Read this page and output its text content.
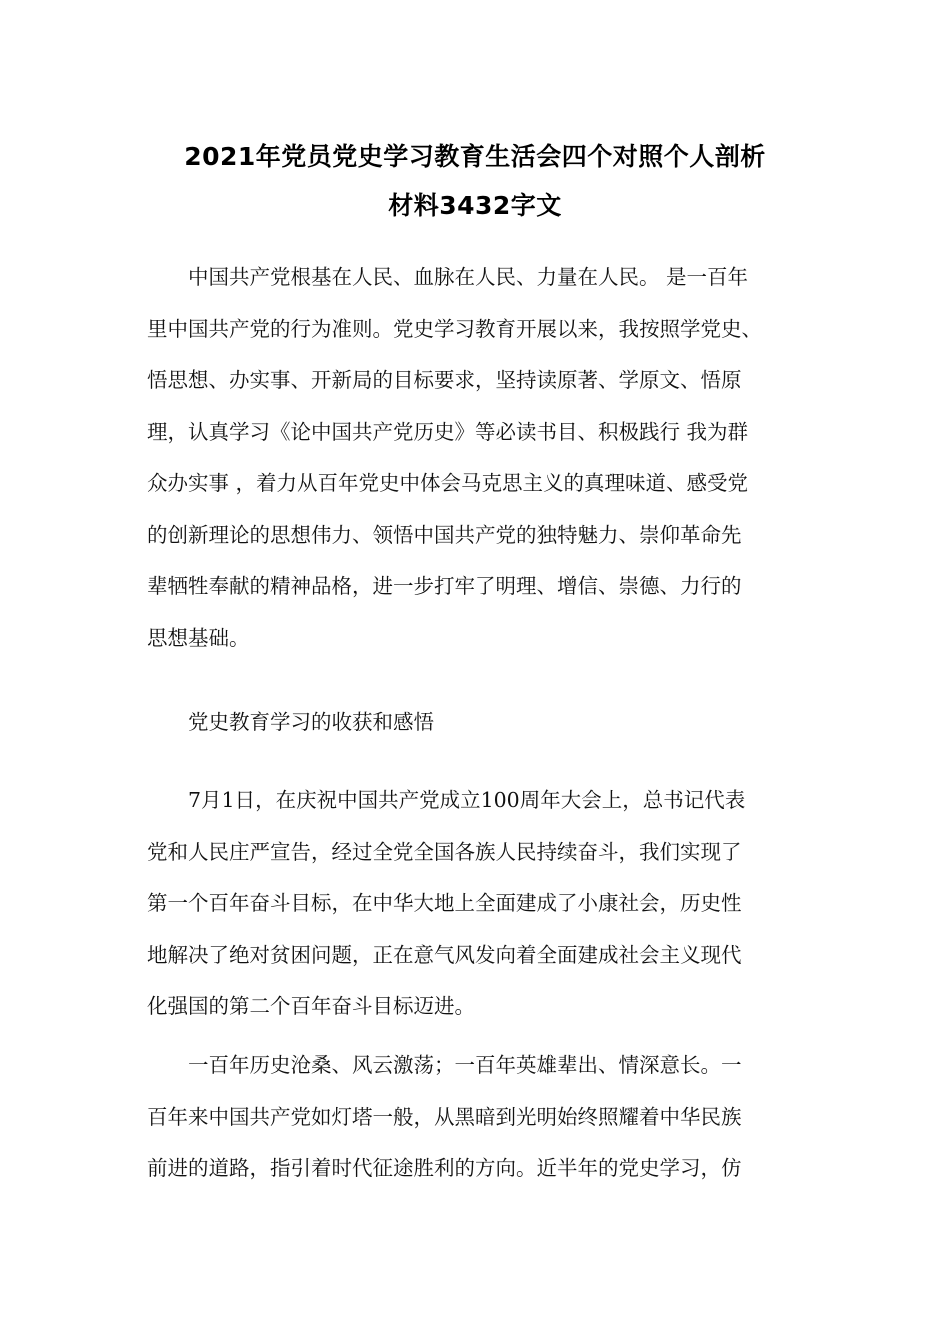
2021年党员党史学习教育生活会四个对照个人剖析
材料3432字文
　　中国共产党根基在人民、血脉在人民、力量在人民。 是一百年
里中国共产党的行为准则。党史学习教育开展以来，我按照学党史、
悟思想、办实事、开新局的目标要求，坚持读原著、学原文、悟原
理，认真学习《论中国共产党历史》等必读书目、积极践行 我为群
众办实事 ，着力从百年党史中体会马克思主义的真理味道、感受党
的创新理论的思想伟力、领悟中国共产党的独特魅力、崇仰革命先
辈牺牲奉献的精神品格，进一步打牢了明理、增信、崇德、力行的
思想基础。
　　党史教育学习的收获和感悟
　　7月1日，在庆祝中国共产党成立100周年大会上，总书记代表
党和人民庄严宣告，经过全党全国各族人民持续奋斗，我们实现了
第一个百年奋斗目标，在中华大地上全面建成了小康社会，历史性
地解决了绝对贫困问题，正在意气风发向着全面建成社会主义现代
化强国的第二个百年奋斗目标迈进。
　　一百年历史沧桑、风云激荡；一百年英雄辈出、情深意长。一
百年来中国共产党如灯塔一般，从黑暗到光明始终照耀着中华民族
前进的道路，指引着时代征途胜利的方向。近半年的党史学习，仿
